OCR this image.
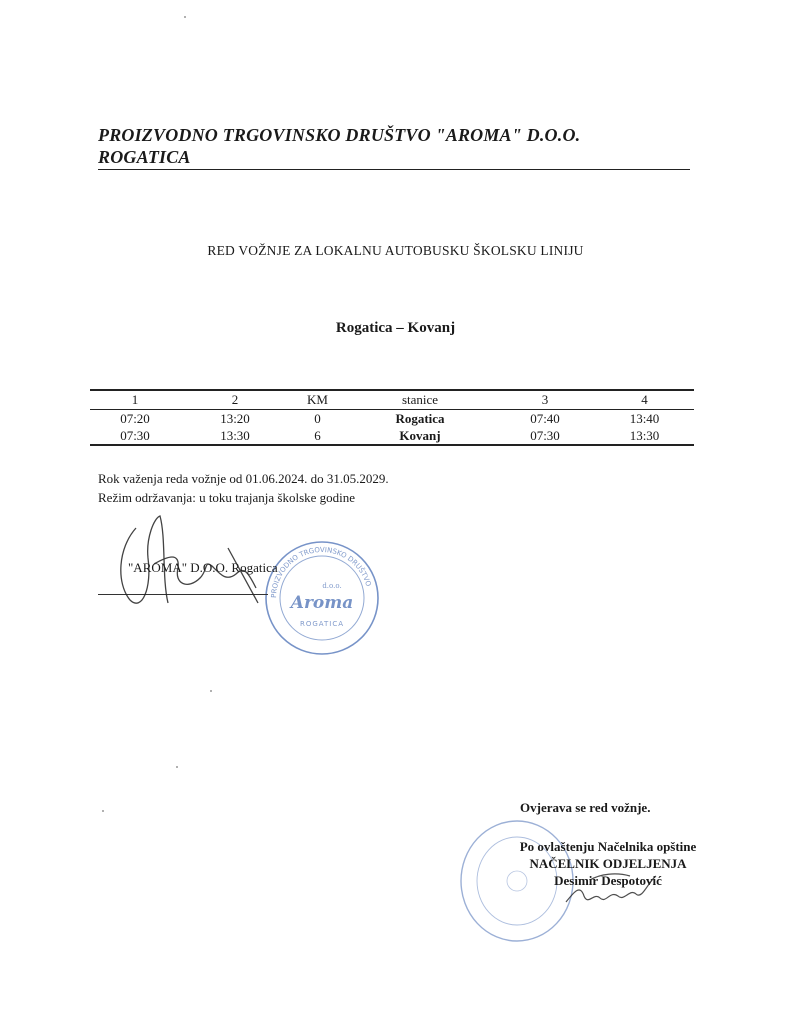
PROIZVODNO TRGOVINSKO DRUŠTVO "AROMA" D.O.O.
ROGATICA
RED VOŽNJE ZA LOKALNU AUTOBUSKU ŠKOLSKU LINIJU
Rogatica – Kovanj
1	2	KM	stanice	3	4
07:20	13:20	0	Rogatica	07:40	13:40
07:30	13:30	6	Kovanj	07:30	13:30
Rok važenja reda vožnje od 01.06.2024. do 31.05.2029.
Režim održavanja: u toku trajanja školske godine
PROIZVODNO TRGOVINSKO DRUŠTVO
d.o.o.
Aroma
ROGATICA
"AROMA" D.O.O. Rogatica
Ovjerava se red vožnje.
Po ovlaštenju Načelnika opštine
NAČELNIK ODJELJENJA
Desimir Despotović
